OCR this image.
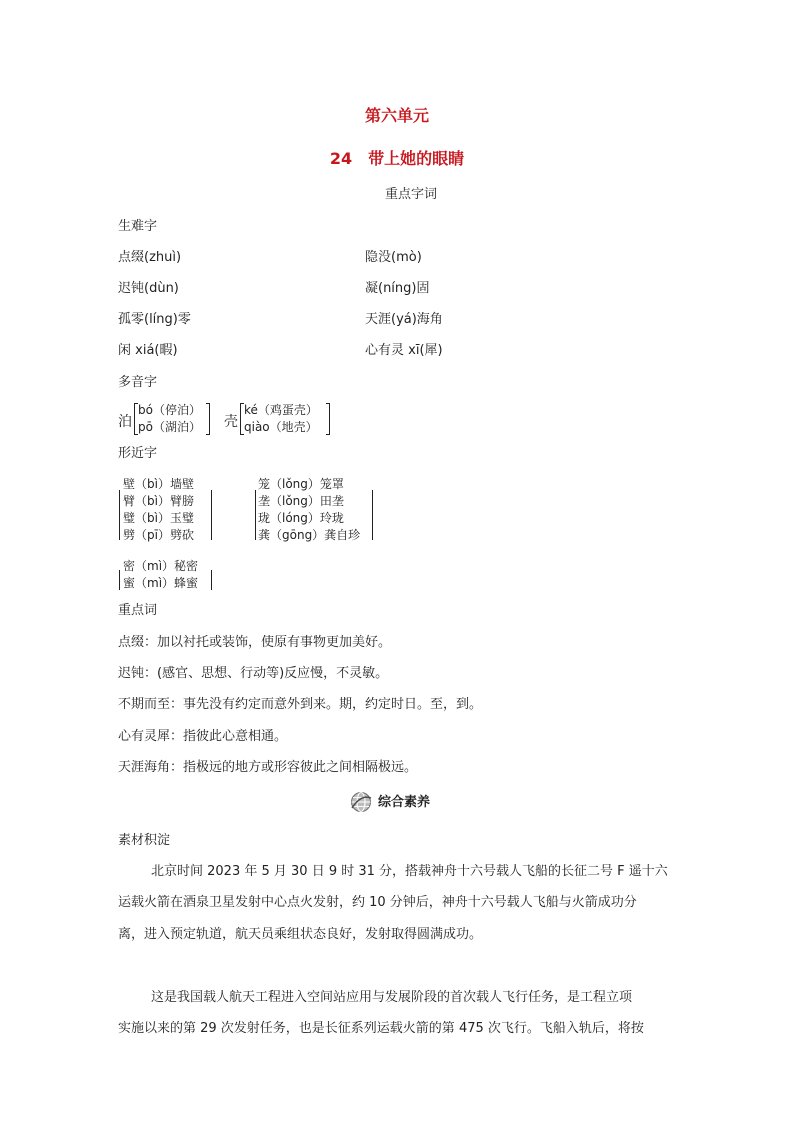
第六单元
24 带上她的眼睛
重点字词
生难字
点缀(zhuì)	隐没(mò)
迟钝(dùn)	凝(níng)固
孤零(líng)零	天涯(yá)海角
闲 xiá(暇)	心有灵 xī(犀)
多音字
泊
bó（停泊）
pō（湖泊） 壳
ké（鸡蛋壳）
qiào（地壳）
形近字
壁（bì）墙壁
臂（bì）臂膀
璧（bì）玉璧
劈（pī）劈砍
笼（lǒng）笼罩
垄（lǒng）田垄
珑（lóng）玲珑
龚（gōng）龚自珍
密（mì）秘密
蜜（mì）蜂蜜
重点词
点缀：加以衬托或装饰，使原有事物更加美好。
迟钝：(感官、思想、行动等)反应慢，不灵敏。
不期而至：事先没有约定而意外到来。期，约定时日。至，到。
心有灵犀：指彼此心意相通。
天涯海角：指极远的地方或形容彼此之间相隔极远。
综合素养
素材积淀
北京时间 2023 年 5 月 30 日 9 时 31 分，搭载神舟十六号载人飞船的长征二号 F 遥十六
运载火箭在酒泉卫星发射中心点火发射，约 10 分钟后，神舟十六号载人飞船与火箭成功分
离，进入预定轨道，航天员乘组状态良好，发射取得圆满成功。
这是我国载人航天工程进入空间站应用与发展阶段的首次载人飞行任务，是工程立项
实施以来的第 29 次发射任务，也是长征系列运载火箭的第 475 次飞行。飞船入轨后，将按
